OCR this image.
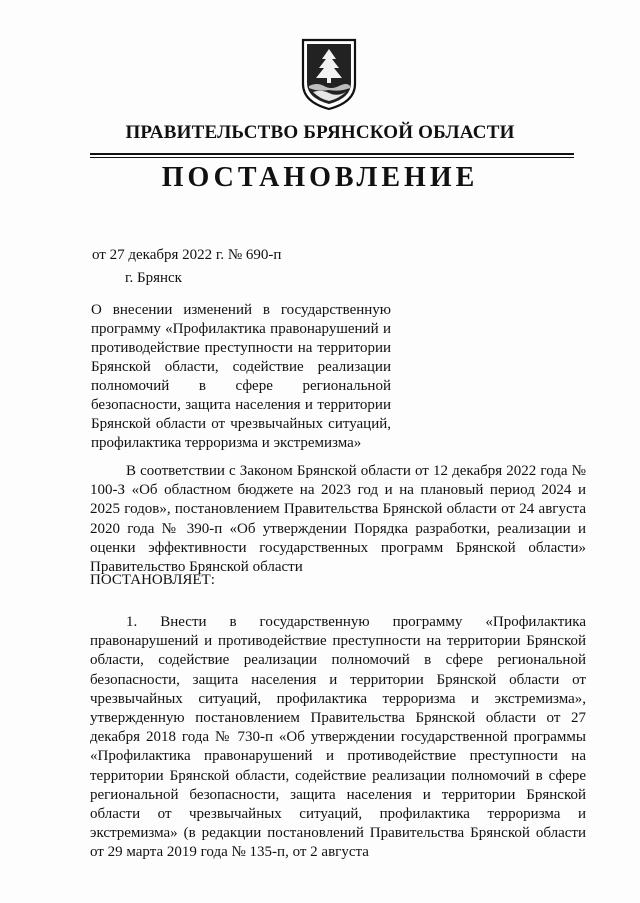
ПРАВИТЕЛЬСТВО БРЯНСКОЙ ОБЛАСТИ
ПОСТАНОВЛЕНИЕ
от 27 декабря 2022 г. № 690-п
г. Брянск
О внесении изменений в государственную программу «Профилактика правонарушений и противодействие преступности на территории Брянской области, содействие реализации полномочий в сфере региональной безопасности, защита населения и территории Брянской области от чрезвычайных ситуаций, профилактика терроризма и экстремизма»

В соответствии с Законом Брянской области от 12 декабря 2022 года № 100-З «Об областном бюджете на 2023 год и на плановый период 2024 и 2025 годов», постановлением Правительства Брянской области от 24 августа 2020 года № 390-п «Об утверждении Порядка разработки, реализации и оценки эффективности государственных программ Брянской области» Правительство Брянской области

ПОСТАНОВЛЯЕТ:

1. Внести в государственную программу «Профилактика правонарушений и противодействие преступности на территории Брянской области, содействие реализации полномочий в сфере региональной безопасности, защита населения и территории Брянской области от чрезвычайных ситуаций, профилактика терроризма и экстремизма», утвержденную постановлением Правительства Брянской области от 27 декабря 2018 года № 730-п «Об утверждении государственной программы «Профилактика правонарушений и противодействие преступности на территории Брянской области, содействие реализации полномочий в сфере региональной безопасности, защита населения и территории Брянской области от чрезвычайных ситуаций, профилактика терроризма и экстремизма» (в редакции постановлений Правительства Брянской области от 29 марта 2019 года № 135-п, от 2 августа
